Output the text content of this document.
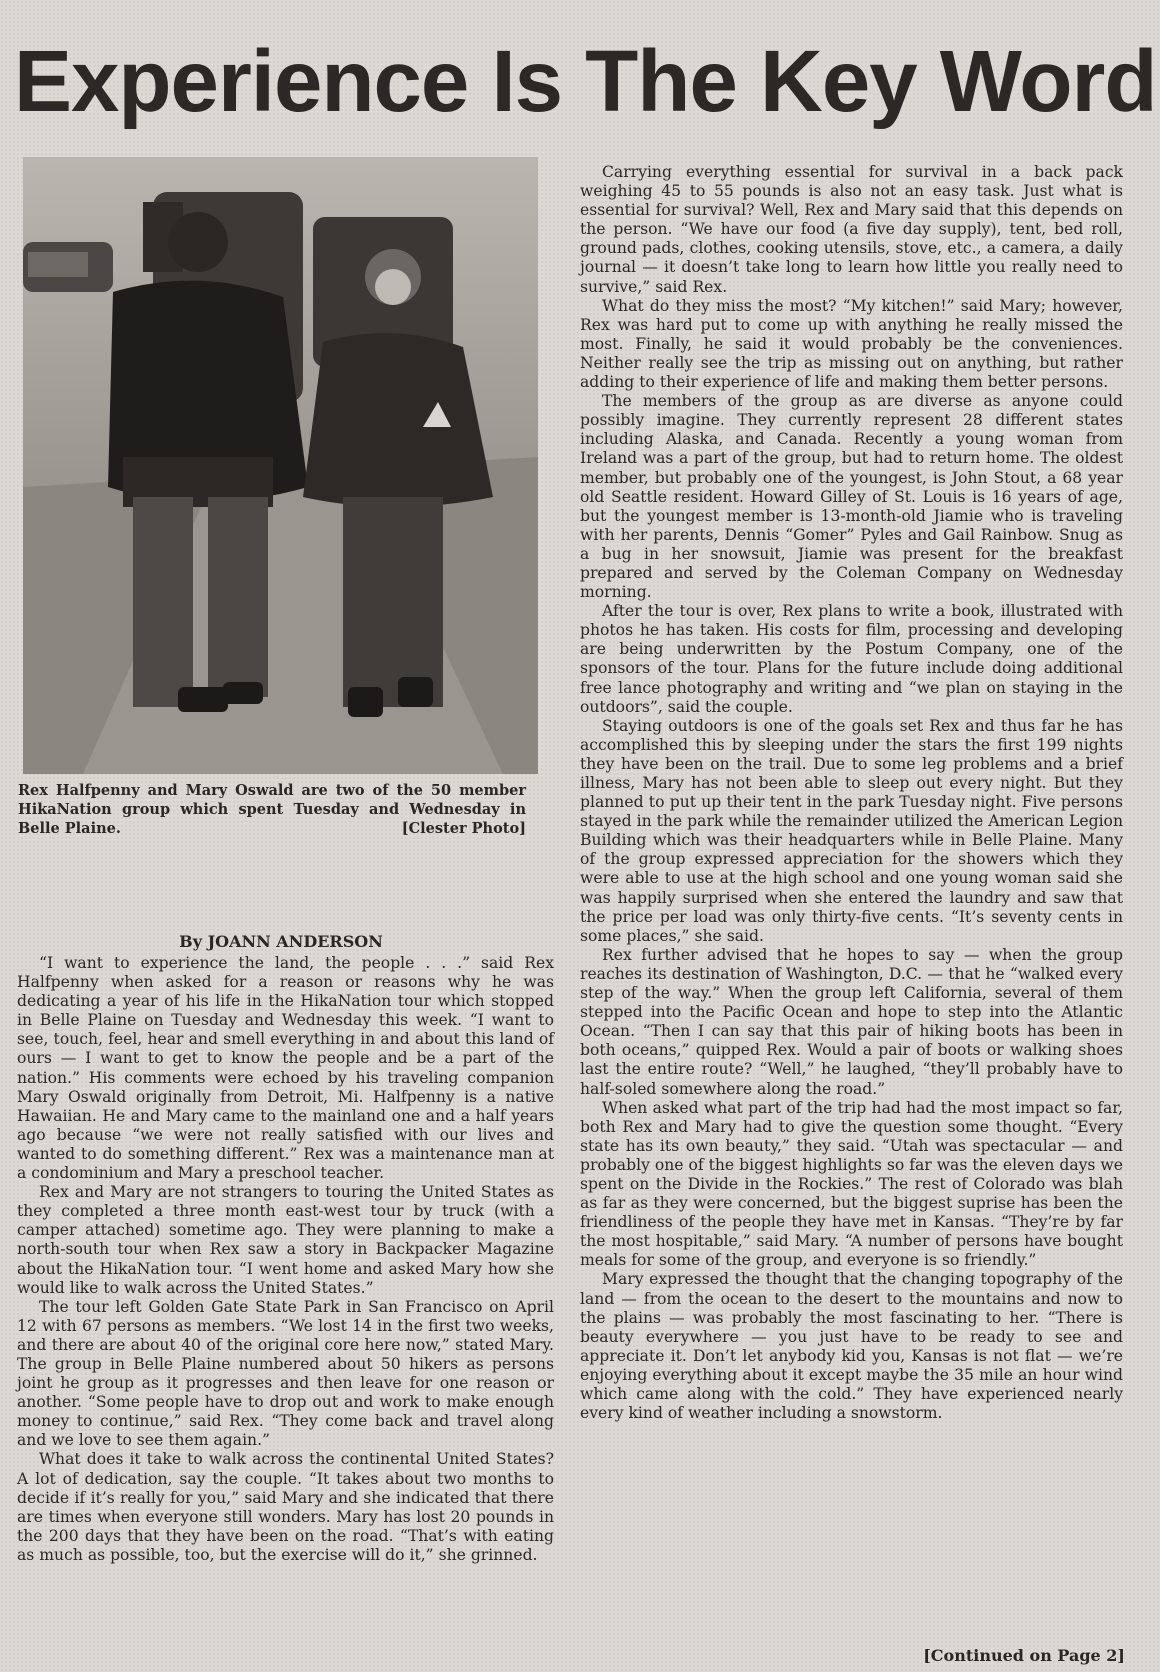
Experience Is The Key Word
Rex Halfpenny and Mary Oswald are two of the 50 member HikaNation group which spent Tuesday and Wednesday in Belle Plaine.	[Clester Photo]
By JOANN ANDERSON

“I want to experience the land, the people . . .” said Rex Halfpenny when asked for a reason or reasons why he was dedicating a year of his life in the HikaNation tour which stopped in Belle Plaine on Tuesday and Wednesday this week. “I want to see, touch, feel, hear and smell everything in and about this land of ours — I want to get to know the people and be a part of the nation.” His comments were echoed by his traveling companion Mary Oswald originally from Detroit, Mi. Halfpenny is a native Hawaiian. He and Mary came to the mainland one and a half years ago because “we were not really satisfied with our lives and wanted to do something different.” Rex was a maintenance man at a condominium and Mary a preschool teacher.

Rex and Mary are not strangers to touring the United States as they completed a three month east-west tour by truck (with a camper attached) sometime ago. They were planning to make a north-south tour when Rex saw a story in Backpacker Magazine about the HikaNation tour. “I went home and asked Mary how she would like to walk across the United States.”

The tour left Golden Gate State Park in San Francisco on April 12 with 67 persons as members. “We lost 14 in the first two weeks, and there are about 40 of the original core here now,” stated Mary. The group in Belle Plaine numbered about 50 hikers as persons joint he group as it progresses and then leave for one reason or another. “Some people have to drop out and work to make enough money to continue,” said Rex. “They come back and travel along and we love to see them again.”

What does it take to walk across the continental United States? A lot of dedication, say the couple. “It takes about two months to decide if it’s really for you,” said Mary and she indicated that there are times when everyone still wonders. Mary has lost 20 pounds in the 200 days that they have been on the road. “That’s with eating as much as possible, too, but the exercise will do it,” she grinned.

Carrying everything essential for survival in a back pack weighing 45 to 55 pounds is also not an easy task. Just what is essential for survival? Well, Rex and Mary said that this depends on the person. “We have our food (a five day supply), tent, bed roll, ground pads, clothes, cooking utensils, stove, etc., a camera, a daily journal — it doesn’t take long to learn how little you really need to survive,” said Rex.

What do they miss the most? “My kitchen!” said Mary; however, Rex was hard put to come up with anything he really missed the most. Finally, he said it would probably be the conveniences. Neither really see the trip as missing out on anything, but rather adding to their experience of life and making them better persons.

The members of the group as are diverse as anyone could possibly imagine. They currently represent 28 different states including Alaska, and Canada. Recently a young woman from Ireland was a part of the group, but had to return home. The oldest member, but probably one of the youngest, is John Stout, a 68 year old Seattle resident. Howard Gilley of St. Louis is 16 years of age, but the youngest member is 13-month-old Jiamie who is traveling with her parents, Dennis “Gomer” Pyles and Gail Rainbow. Snug as a bug in her snowsuit, Jiamie was present for the breakfast prepared and served by the Coleman Company on Wednesday morning.

After the tour is over, Rex plans to write a book, illustrated with photos he has taken. His costs for film, processing and developing are being underwritten by the Postum Company, one of the sponsors of the tour. Plans for the future include doing additional free lance photography and writing and “we plan on staying in the outdoors”, said the couple.

Staying outdoors is one of the goals set Rex and thus far he has accomplished this by sleeping under the stars the first 199 nights they have been on the trail. Due to some leg problems and a brief illness, Mary has not been able to sleep out every night. But they planned to put up their tent in the park Tuesday night. Five persons stayed in the park while the remainder utilized the American Legion Building which was their headquarters while in Belle Plaine. Many of the group expressed appreciation for the showers which they were able to use at the high school and one young woman said she was happily surprised when she entered the laundry and saw that the price per load was only thirty-five cents. “It’s seventy cents in some places,” she said.

Rex further advised that he hopes to say — when the group reaches its destination of Washington, D.C. — that he “walked every step of the way.” When the group left California, several of them stepped into the Pacific Ocean and hope to step into the Atlantic Ocean. “Then I can say that this pair of hiking boots has been in both oceans,” quipped Rex. Would a pair of boots or walking shoes last the entire route? “Well,” he laughed, “they’ll probably have to half-soled somewhere along the road.”

When asked what part of the trip had had the most impact so far, both Rex and Mary had to give the question some thought. “Every state has its own beauty,” they said. “Utah was spectacular — and probably one of the biggest highlights so far was the eleven days we spent on the Divide in the Rockies.” The rest of Colorado was blah as far as they were concerned, but the biggest suprise has been the friendliness of the people they have met in Kansas. “They’re by far the most hospitable,” said Mary. “A number of persons have bought meals for some of the group, and everyone is so friendly.”

Mary expressed the thought that the changing topography of the land — from the ocean to the desert to the mountains and now to the plains — was probably the most fascinating to her. “There is beauty everywhere — you just have to be ready to see and appreciate it. Don’t let anybody kid you, Kansas is not flat — we’re enjoying everything about it except maybe the 35 mile an hour wind which came along with the cold.” They have experienced nearly every kind of weather including a snowstorm.

[Continued on Page 2]
